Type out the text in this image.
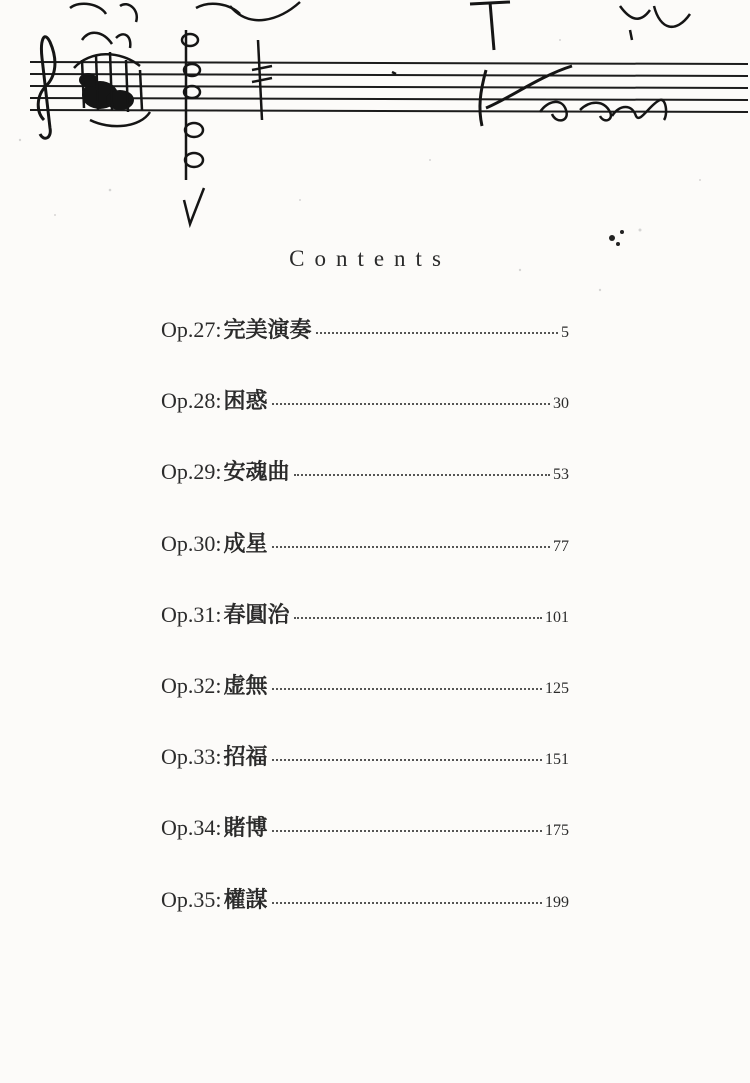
Contents
Op.27: 完美演奏	5
Op.28: 困惑	30
Op.29: 安魂曲	53
Op.30: 成星	77
Op.31: 春圓治	101
Op.32: 虚無	125
Op.33: 招福	151
Op.34: 賭博	175
Op.35: 權謀	199
